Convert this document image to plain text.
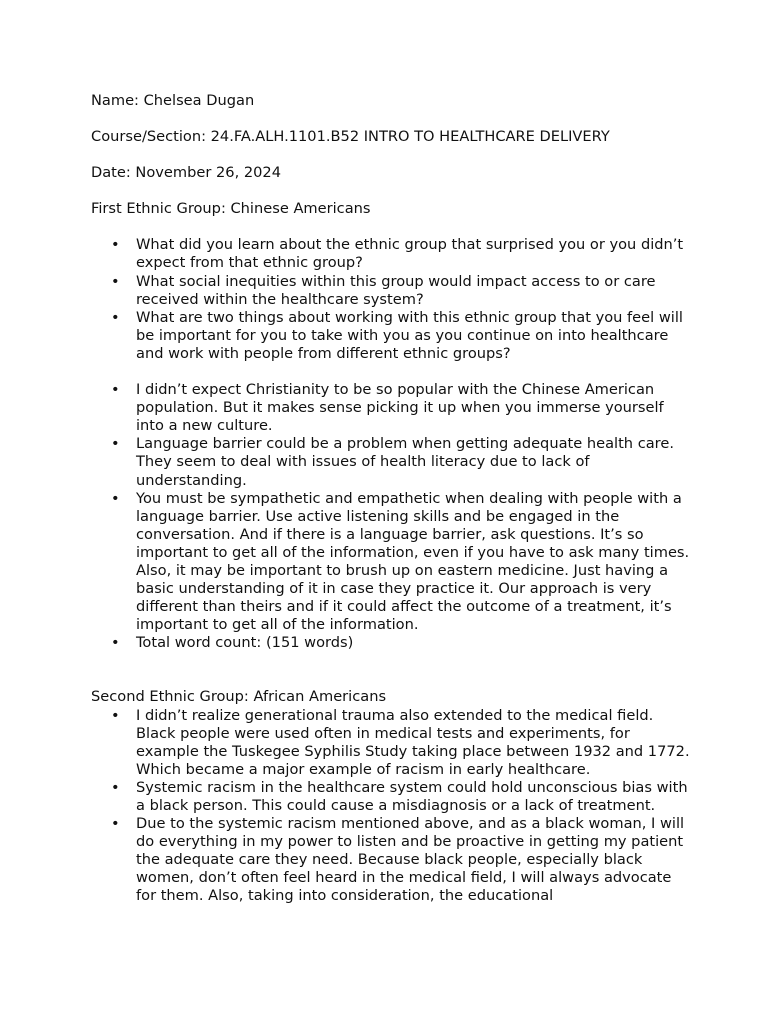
Name: Chelsea Dugan

Course/Section: 24.FA.ALH.1101.B52 INTRO TO HEALTHCARE DELIVERY

Date: November 26, 2024

First Ethnic Group: Chinese Americans

• What did you learn about the ethnic group that surprised you or you didn’t expect from that ethnic group?
• What social inequities within this group would impact access to or care received within the healthcare system?
• What are two things about working with this ethnic group that you feel will be important for you to take with you as you continue on into healthcare and work with people from different ethnic groups?
• I didn’t expect Christianity to be so popular with the Chinese American population. But it makes sense picking it up when you immerse yourself into a new culture.
• Language barrier could be a problem when getting adequate health care. They seem to deal with issues of health literacy due to lack of understanding.
• You must be sympathetic and empathetic when dealing with people with a language barrier. Use active listening skills and be engaged in the conversation. And if there is a language barrier, ask questions. It’s so important to get all of the information, even if you have to ask many times. Also, it may be important to brush up on eastern medicine. Just having a basic understanding of it in case they practice it. Our approach is very different than theirs and if it could affect the outcome of a treatment, it’s important to get all of the information.
• Total word count: (151 words)

Second Ethnic Group: African Americans

• I didn’t realize generational trauma also extended to the medical field. Black people were used often in medical tests and experiments, for example the Tuskegee Syphilis Study taking place between 1932 and 1772. Which became a major example of racism in early healthcare.
• Systemic racism in the healthcare system could hold unconscious bias with a black person. This could cause a misdiagnosis or a lack of treatment.
• Due to the systemic racism mentioned above, and as a black woman, I will do everything in my power to listen and be proactive in getting my patient the adequate care they need. Because black people, especially black women, don’t often feel heard in the medical field, I will always advocate for them. Also, taking into consideration, the educational
